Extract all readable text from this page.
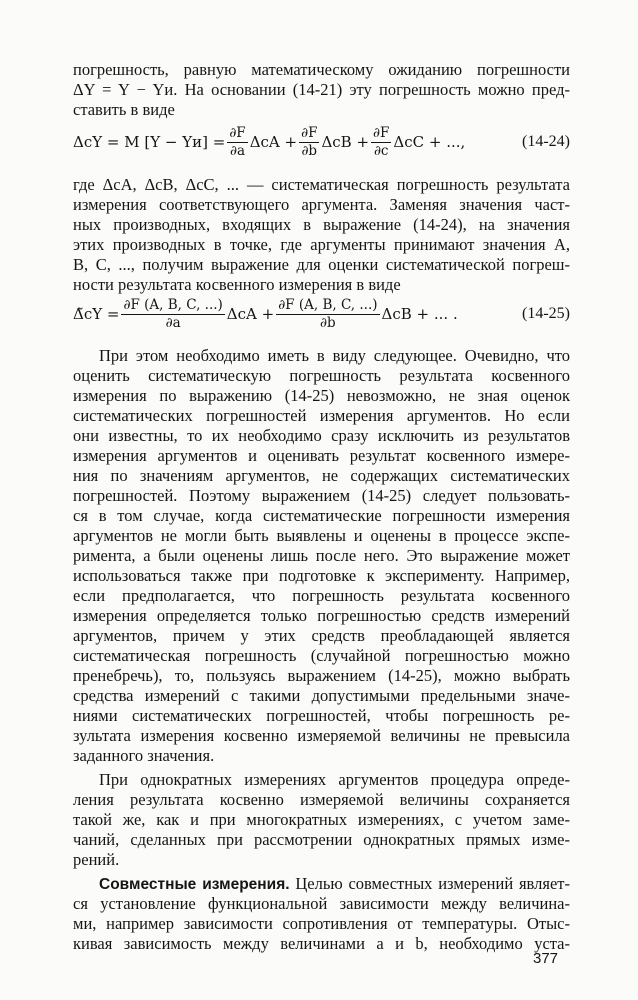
погрешность, равную математическому ожиданию погрешности
ΔY = Y − Yи. На основании (14-21) эту погрешность можно пред-
ставить в виде
ΔсY = M $[Y - Yи] = \frac{\partial F}{\partial a}$ $\Delta сA + \frac{\partial F}{\partial b}$ $\Delta сB + \frac{\partial F}{\partial c}$ ΔсC + ...,	(14-24)
где ΔсA, ΔсB, ΔсC, ... — систематическая погрешность результата
измерения соответствующего аргумента. Заменяя значения част-
ных производных, входящих в выражение (14-24), на значения
этих производных в точке, где аргументы принимают значения A,
B, C, ..., получим выражение для оценки систематической погреш-
ности результата косвенного измерения в виде
Δ̃сY = $\frac{\partial F (A, B, C, ...)}{\partial a}$ $\Delta сA + \frac{\partial F (A, B, C, ...)}{\partial b}$ ΔсB + ... .	(14-25)
При этом необходимо иметь в виду следующее. Очевидно, что
оценить систематическую погрешность результата косвенного
измерения по выражению (14-25) невозможно, не зная оценок
систематических погрешностей измерения аргументов. Но если
они известны, то их необходимо сразу исключить из результатов
измерения аргументов и оценивать результат косвенного измере-
ния по значениям аргументов, не содержащих систематических
погрешностей. Поэтому выражением (14-25) следует пользовать-
ся в том случае, когда систематические погрешности измерения
аргументов не могли быть выявлены и оценены в процессе экспе-
римента, а были оценены лишь после него. Это выражение может
использоваться также при подготовке к эксперименту. Например,
если предполагается, что погрешность результата косвенного
измерения определяется только погрешностью средств измерений
аргументов, причем у этих средств преобладающей является
систематическая погрешность (случайной погрешностью можно
пренебречь), то, пользуясь выражением (14-25), можно выбрать
средства измерений с такими допустимыми предельными значе-
ниями систематических погрешностей, чтобы погрешность ре-
зультата измерения косвенно измеряемой величины не превысила
заданного значения.
При однократных измерениях аргументов процедура опреде-
ления результата косвенно измеряемой величины сохраняется
такой же, как и при многократных измерениях, с учетом заме-
чаний, сделанных при рассмотрении однократных прямых изме-
рений.
Совместные измерения. Целью совместных измерений являет-
ся установление функциональной зависимости между величина-
ми, например зависимости сопротивления от температуры. Отыс-
кивая зависимость между величинами a и b, необходимо уста-
377
